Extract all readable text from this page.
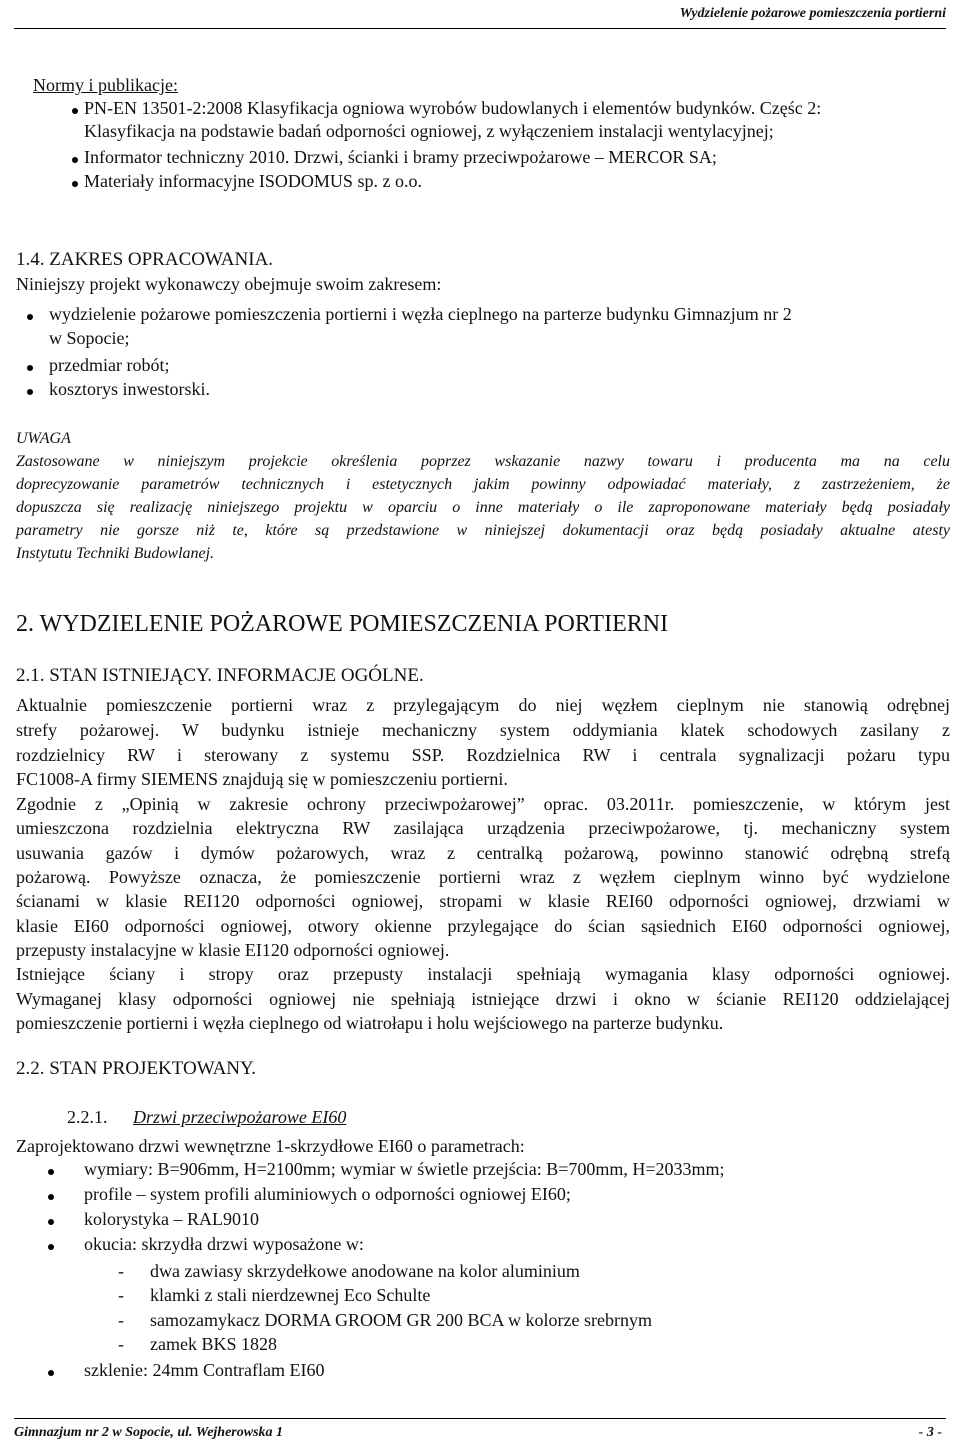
Wydzielenie pożarowe pomieszczenia portierni
Normy i publikacje:
PN-EN 13501-2:2008 Klasyfikacja ogniowa wyrobów budowlanych i elementów budynków. Częśc 2:
Klasyfikacja na podstawie badań odporności ogniowej, z wyłączeniem instalacji wentylacyjnej;
Informator techniczny 2010. Drzwi, ścianki i bramy przeciwpożarowe – MERCOR SA;
Materiały informacyjne ISODOMUS sp. z o.o.
1.4. ZAKRES OPRACOWANIA.
Niniejszy projekt wykonawczy obejmuje swoim zakresem:
wydzielenie pożarowe pomieszczenia portierni i węzła cieplnego na parterze budynku Gimnazjum nr 2
w Sopocie;
przedmiar robót;
kosztorys inwestorski.
UWAGA
Zastosowane w niniejszym projekcie określenia poprzez wskazanie nazwy towaru i producenta ma na celu
doprecyzowanie parametrów technicznych i estetycznych jakim powinny odpowiadać materiały, z zastrzeżeniem, że
dopuszcza się realizację niniejszego projektu w oparciu o inne materiały o ile zaproponowane materiały będą posiadały
parametry nie gorsze niż te, które są przedstawione w niniejszej dokumentacji oraz będą posiadały aktualne atesty
Instytutu Techniki Budowlanej.
2. WYDZIELENIE POŻAROWE POMIESZCZENIA PORTIERNI
2.1. STAN ISTNIEJĄCY. INFORMACJE OGÓLNE.
Aktualnie pomieszczenie portierni wraz z przylegającym do niej węzłem cieplnym nie stanowią odrębnej
strefy pożarowej. W budynku istnieje mechaniczny system oddymiania klatek schodowych zasilany z
rozdzielnicy RW i sterowany z systemu SSP. Rozdzielnica RW i centrala sygnalizacji pożaru typu
FC1008-A firmy SIEMENS znajdują się w pomieszczeniu portierni.
Zgodnie z „Opinią w zakresie ochrony przeciwpożarowej” oprac. 03.2011r. pomieszczenie, w którym jest
umieszczona rozdzielnia elektryczna RW zasilająca urządzenia przeciwpożarowe, tj. mechaniczny system
usuwania gazów i dymów pożarowych, wraz z centralką pożarową, powinno stanowić odrębną strefą
pożarową. Powyższe oznacza, że pomieszczenie portierni wraz z węzłem cieplnym winno być wydzielone
ścianami w klasie REI120 odporności ogniowej, stropami w klasie REI60 odporności ogniowej, drzwiami w
klasie EI60 odporności ogniowej, otwory okienne przylegające do ścian sąsiednich EI60 odporności ogniowej,
przepusty instalacyjne w klasie EI120 odporności ogniowej.
Istniejące ściany i stropy oraz przepusty instalacji spełniają wymagania klasy odporności ogniowej.
Wymaganej klasy odporności ogniowej nie spełniają istniejące drzwi i okno w ścianie REI120 oddzielającej
pomieszczenie portierni i węzła cieplnego od wiatrołapu i holu wejściowego na parterze budynku.
2.2. STAN PROJEKTOWANY.
2.2.1. Drzwi przeciwpożarowe EI60
Zaprojektowano drzwi wewnętrzne 1-skrzydłowe EI60 o parametrach:
wymiary: B=906mm, H=2100mm; wymiar w świetle przejścia: B=700mm, H=2033mm;
profile – system profili aluminiowych o odporności ogniowej EI60;
kolorystyka – RAL9010
okucia: skrzydła drzwi wyposażone w:
- dwa zawiasy skrzydełkowe anodowane na kolor aluminium
- klamki z stali nierdzewnej Eco Schulte
- samozamykacz DORMA GROOM GR 200 BCA w kolorze srebrnym
- zamek BKS 1828
szklenie: 24mm Contraflam EI60
Gimnazjum nr 2 w Sopocie, ul. Wejherowska 1	- 3 -
